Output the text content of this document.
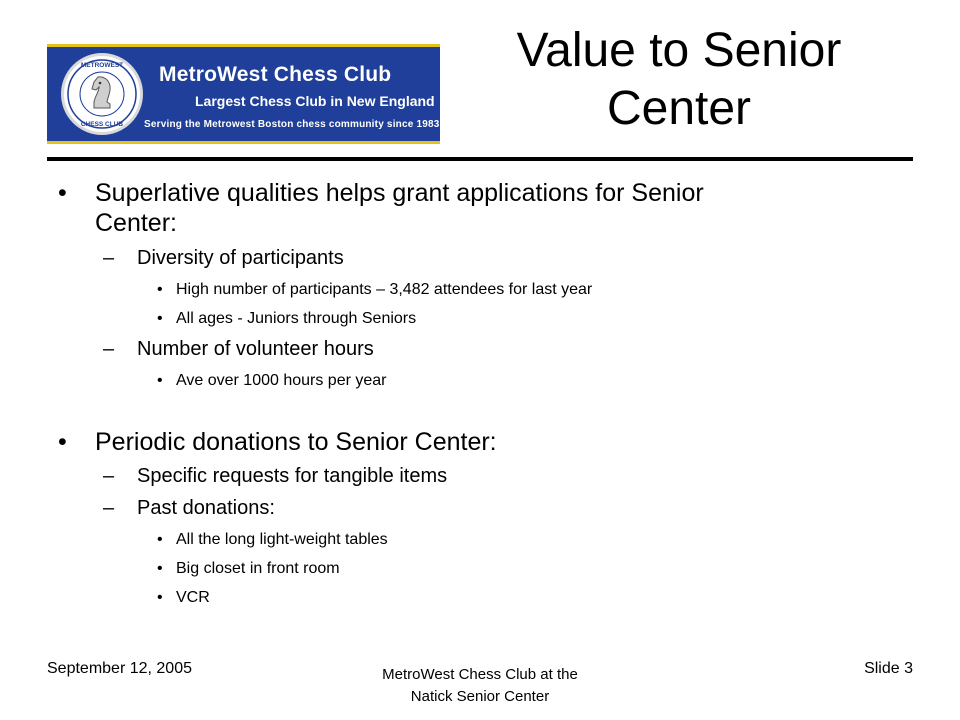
METROWEST
CHESS CLUB
MetroWest Chess Club
Largest Chess Club in New England
Serving the Metrowest Boston chess community since 1983
Value to Senior
Center
• Superlative qualities helps grant applications for Senior
Center:
– Diversity of participants
• High number of participants – 3,482 attendees for last year
• All ages - Juniors through Seniors
– Number of volunteer hours
• Ave over 1000 hours per year
• Periodic donations to Senior Center:
– Specific requests for tangible items
– Past donations:
• All the long light-weight tables
• Big closet in front room
• VCR
September 12, 2005	MetroWest Chess Club at the
Natick Senior Center
Slide 3
